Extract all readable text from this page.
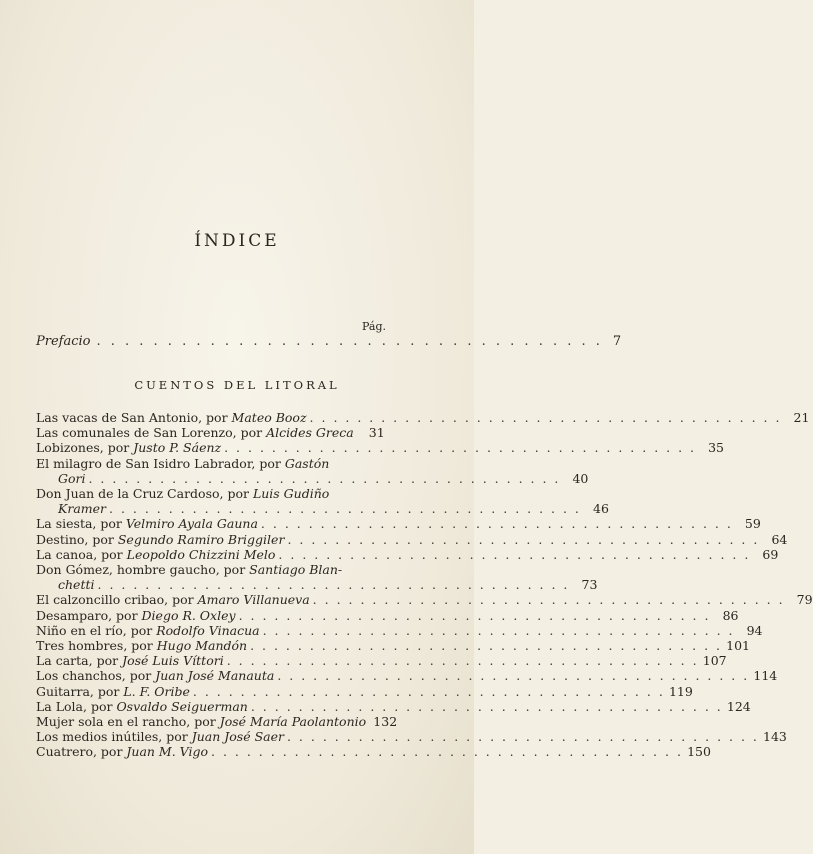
ÍNDICE
Pág.
Prefacio . . . . . . . . . . . . . . . . . . . . . . . . . . . . . . . . . . . . 7
CUENTOS DEL LITORAL
Las vacas de San Antonio, por Mateo Booz . . . . . . . . . . . . . . . . . . . . . . . . . . . . . . . . . . . . . . . . 21
Las comunales de San Lorenzo, por Alcides Greca	31
Lobizones, por Justo P. Sáenz . . . . . . . . . . . . . . . . . . . . . . . . . . . . . . . . . . . . . . . . 35
El milagro de San Isidro Labrador, por Gastón
Gori . . . . . . . . . . . . . . . . . . . . . . . . . . . . . . . . . . . . . . . . 40
Don Juan de la Cruz Cardoso, por Luis Gudiño
Kramer . . . . . . . . . . . . . . . . . . . . . . . . . . . . . . . . . . . . . . . . 46
La siesta, por Velmiro Ayala Gauna . . . . . . . . . . . . . . . . . . . . . . . . . . . . . . . . . . . . . . . . 59
Destino, por Segundo Ramiro Briggiler . . . . . . . . . . . . . . . . . . . . . . . . . . . . . . . . . . . . . . . . 64
La canoa, por Leopoldo Chizzini Melo . . . . . . . . . . . . . . . . . . . . . . . . . . . . . . . . . . . . . . . . 69
Don Gómez, hombre gaucho, por Santiago Blan-
chetti . . . . . . . . . . . . . . . . . . . . . . . . . . . . . . . . . . . . . . . . 73
El calzoncillo cribao, por Amaro Villanueva . . . . . . . . . . . . . . . . . . . . . . . . . . . . . . . . . . . . . . . . 79
Desamparo, por Diego R. Oxley . . . . . . . . . . . . . . . . . . . . . . . . . . . . . . . . . . . . . . . . 86
Niño en el río, por Rodolfo Vinacua . . . . . . . . . . . . . . . . . . . . . . . . . . . . . . . . . . . . . . . . 94
Tres hombres, por Hugo Mandón . . . . . . . . . . . . . . . . . . . . . . . . . . . . . . . . . . . . . . . . 101
La carta, por José Luis Víttori . . . . . . . . . . . . . . . . . . . . . . . . . . . . . . . . . . . . . . . . 107
Los chanchos, por Juan José Manauta . . . . . . . . . . . . . . . . . . . . . . . . . . . . . . . . . . . . . . . . 114
Guitarra, por L. F. Oribe . . . . . . . . . . . . . . . . . . . . . . . . . . . . . . . . . . . . . . . . 119
La Lola, por Osvaldo Seiguerman . . . . . . . . . . . . . . . . . . . . . . . . . . . . . . . . . . . . . . . . 124
Mujer sola en el rancho, por José María Paolantonio 132
Los medios inútiles, por Juan José Saer . . . . . . . . . . . . . . . . . . . . . . . . . . . . . . . . . . . . . . . . 143
Cuatrero, por Juan M. Vigo . . . . . . . . . . . . . . . . . . . . . . . . . . . . . . . . . . . . . . . . 150
